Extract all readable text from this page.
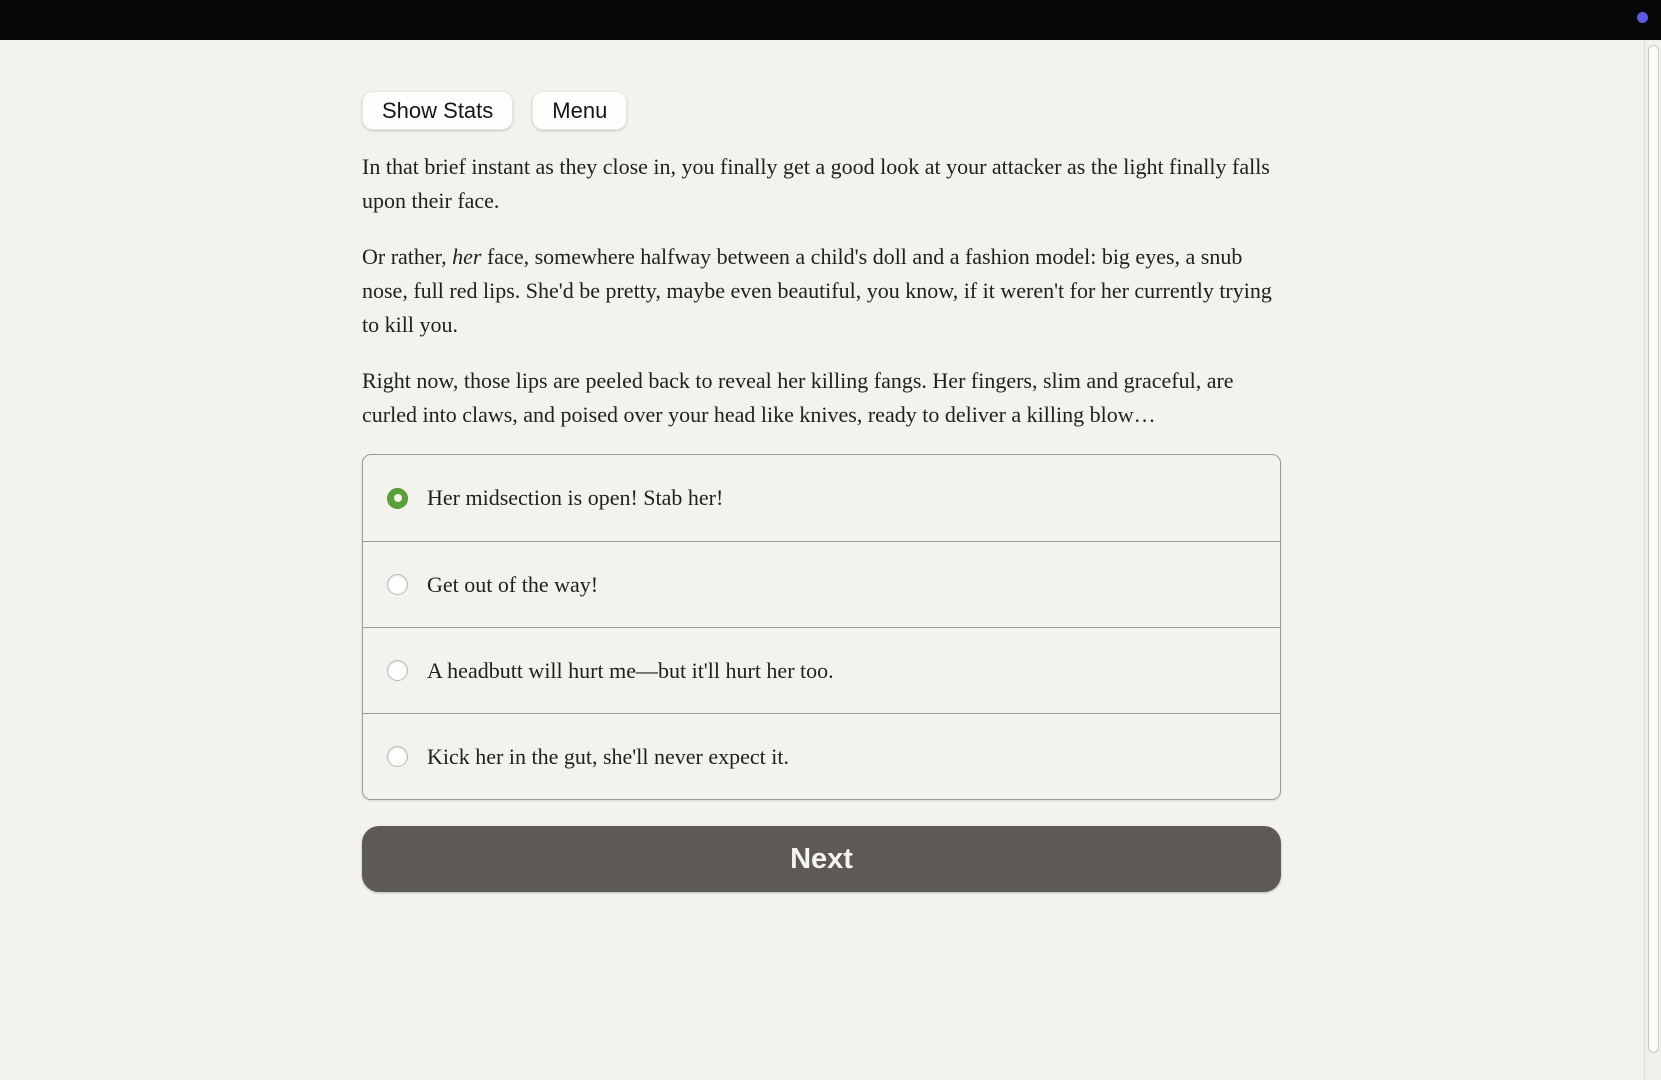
Show Stats	Menu

In that brief instant as they close in, you finally get a good look at your attacker as the light finally falls upon their face.

Or rather, her face, somewhere halfway between a child's doll and a fashion model: big eyes, a snub nose, full red lips. She'd be pretty, maybe even beautiful, you know, if it weren't for her currently trying to kill you.

Right now, those lips are peeled back to reveal her killing fangs. Her fingers, slim and graceful, are curled into claws, and poised over your head like knives, ready to deliver a killing blow…

Her midsection is open! Stab her!
Get out of the way!
A headbutt will hurt me—but it'll hurt her too.
Kick her in the gut, she'll never expect it.
Next
